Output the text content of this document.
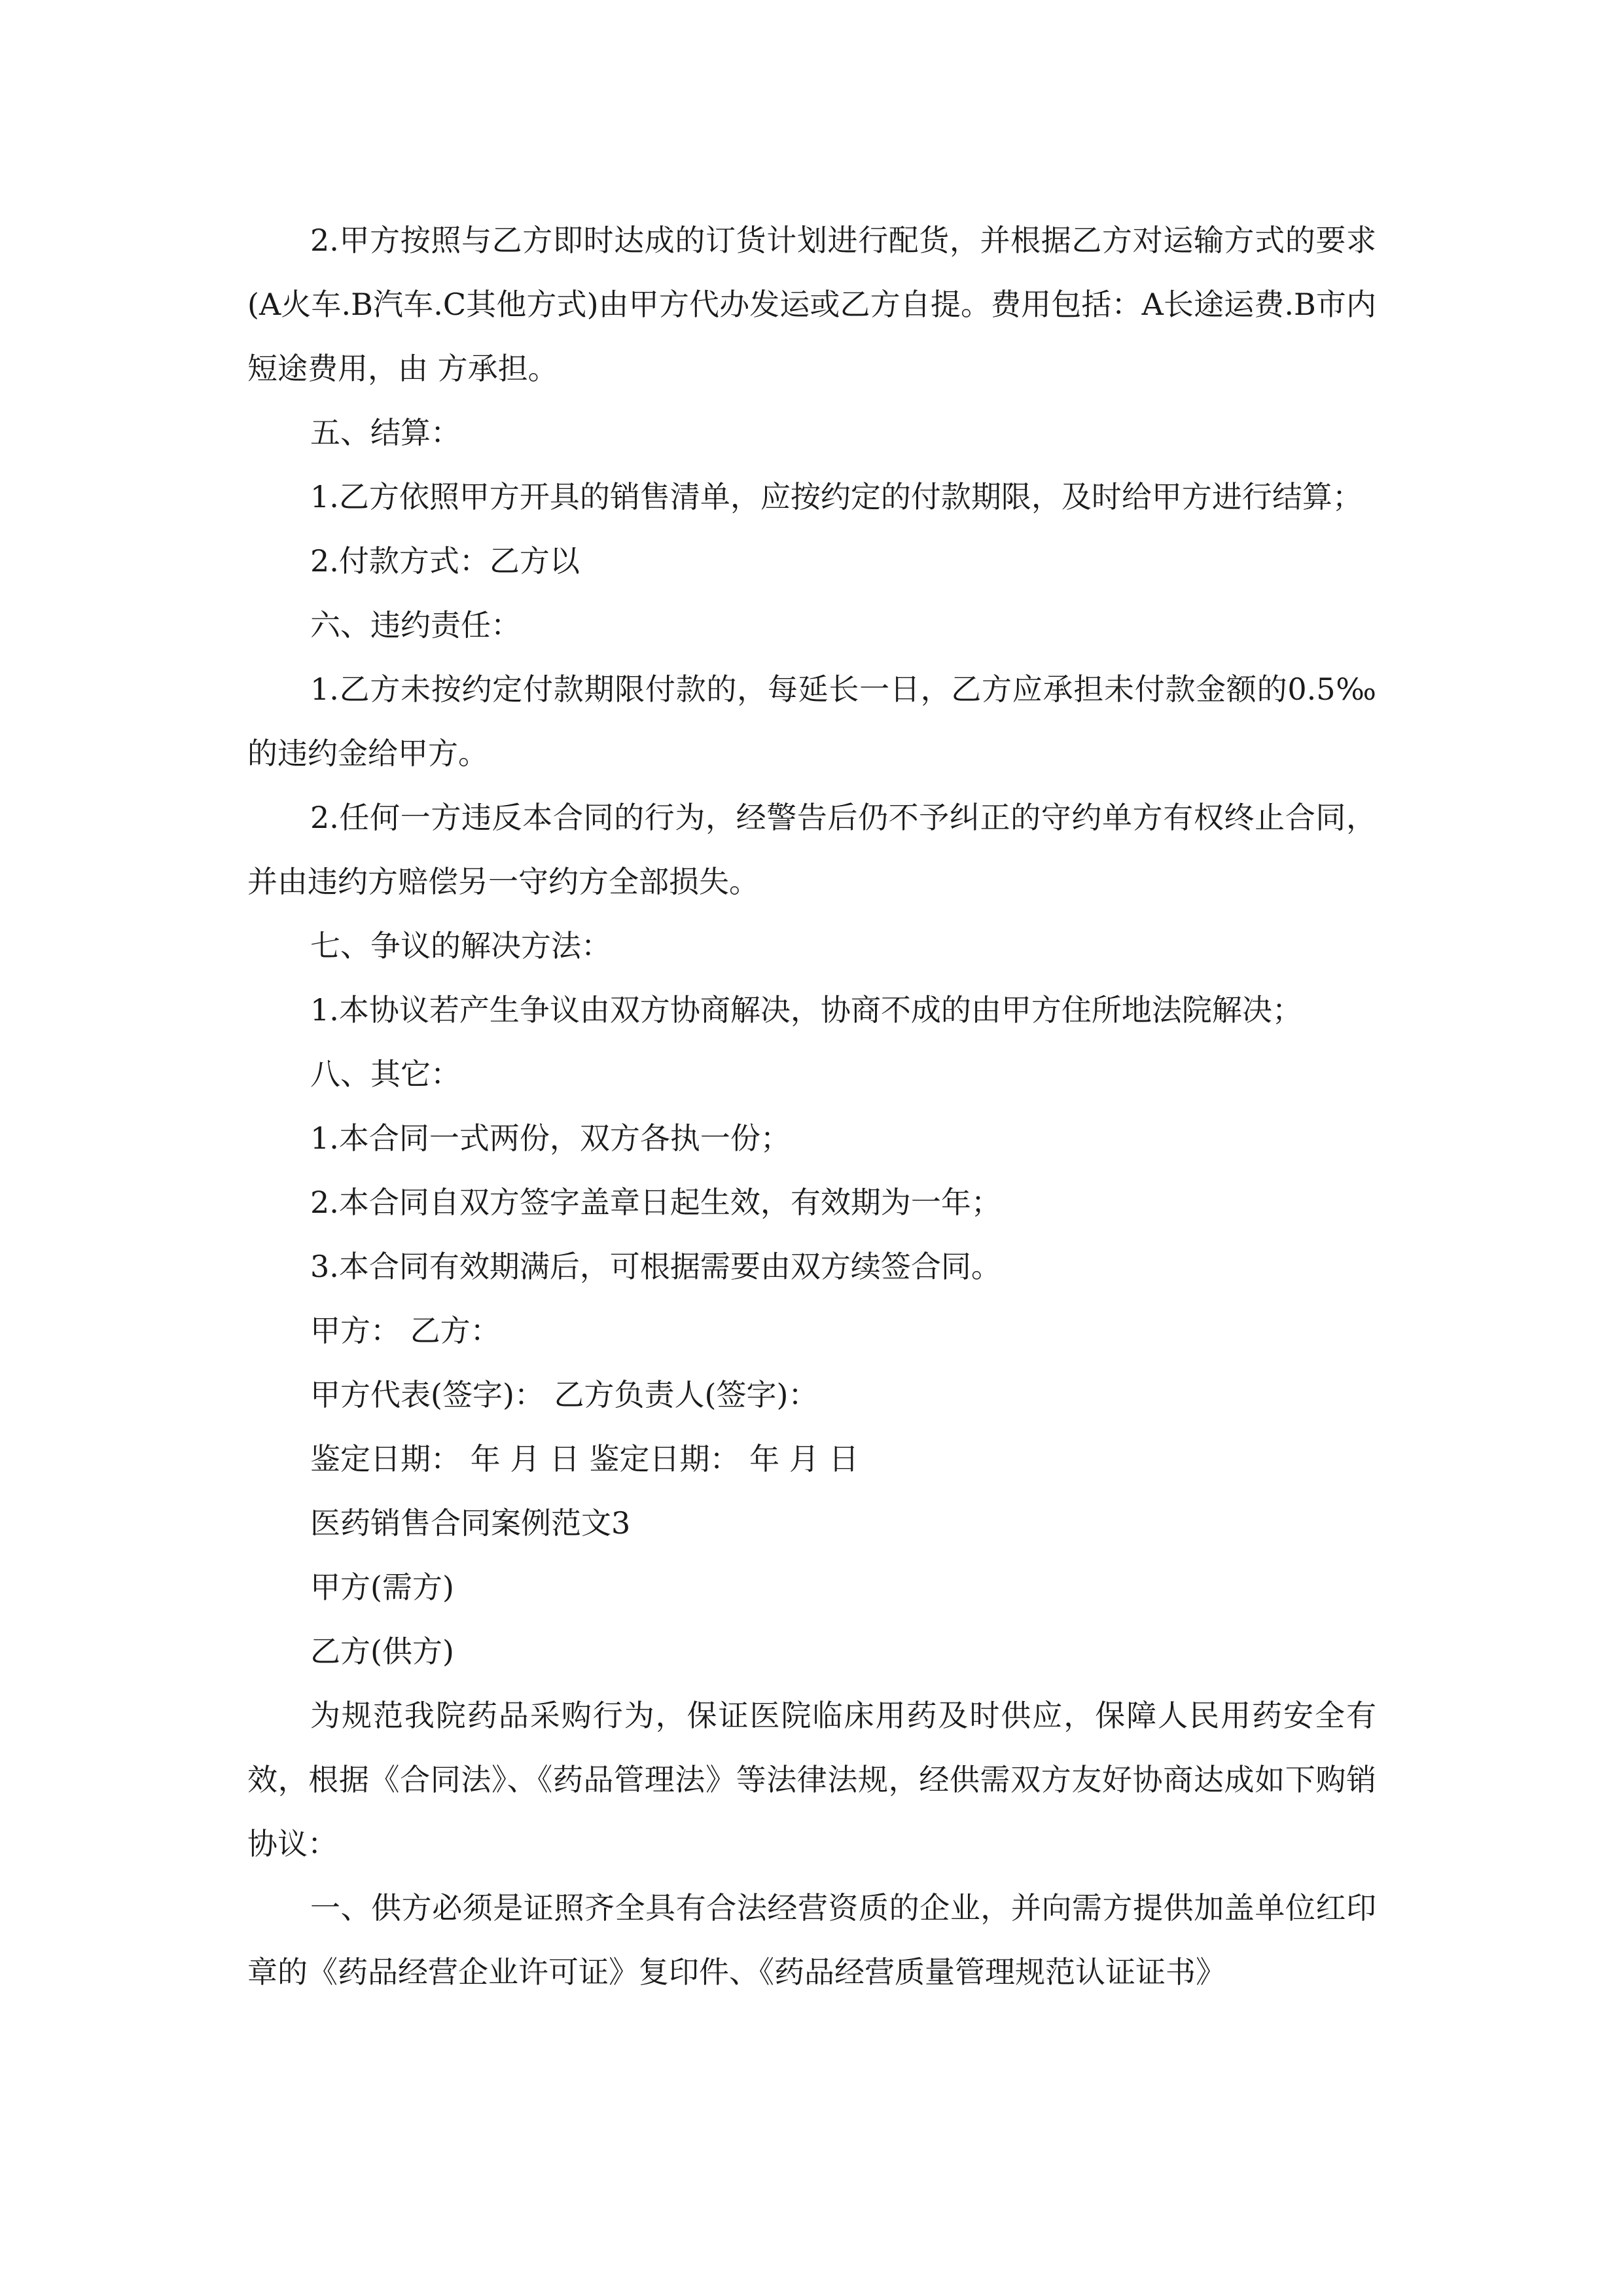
2.甲方按照与乙方即时达成的订货计划进行配货，并根据乙方对运输方式的要求(A火车.B汽车.C其他方式)由甲方代办发运或乙方自提。费用包括：A长途运费.B市内短途费用，由 方承担。

五、结算：

1.乙方依照甲方开具的销售清单，应按约定的付款期限，及时给甲方进行结算；

2.付款方式：乙方以

六、违约责任：

1.乙方未按约定付款期限付款的，每延长一日，乙方应承担未付款金额的0.5‰的违约金给甲方。

2.任何一方违反本合同的行为，经警告后仍不予纠正的守约单方有权终止合同，并由违约方赔偿另一守约方全部损失。

七、争议的解决方法：

1.本协议若产生争议由双方协商解决，协商不成的由甲方住所地法院解决；

八、其它：

1.本合同一式两份，双方各执一份；

2.本合同自双方签字盖章日起生效，有效期为一年；

3.本合同有效期满后，可根据需要由双方续签合同。

甲方： 乙方：

甲方代表(签字)： 乙方负责人(签字)：

鉴定日期： 年 月 日 鉴定日期： 年 月 日

医药销售合同案例范文3

甲方(需方)

乙方(供方)

为规范我院药品采购行为，保证医院临床用药及时供应，保障人民用药安全有效，根据《合同法》、《药品管理法》等法律法规，经供需双方友好协商达成如下购销协议：

一、供方必须是证照齐全具有合法经营资质的企业，并向需方提供加盖单位红印章的《药品经营企业许可证》复印件、《药品经营质量管理规范认证证书》
